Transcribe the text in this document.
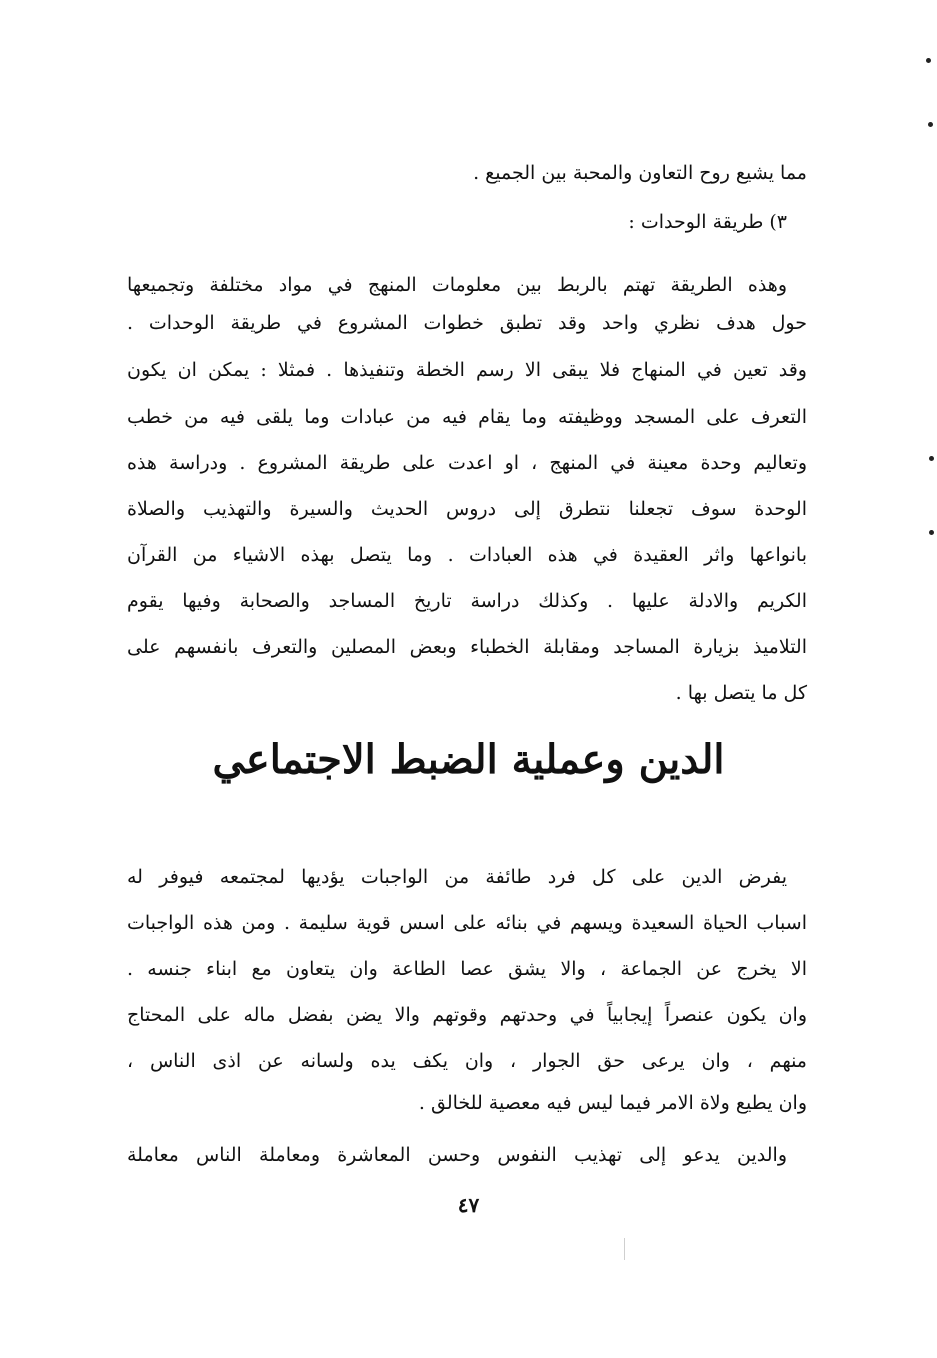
مما يشيع روح التعاون والمحبة بين الجميع .
٣) طريقة الوحدات :
وهذه الطريقة تهتم بالربط بين معلومات المنهج في مواد مختلفة وتجميعها
حول هدف نظري واحد وقد تطبق خطوات المشروع في طريقة الوحدات .
وقد تعين في المنهاج فلا يبقى الا رسم الخطة وتنفيذها . فمثلا : يمكن ان يكون
التعرف على المسجد ووظيفته وما يقام فيه من عبادات وما يلقى فيه من خطب
وتعاليم وحدة معينة في المنهج ، او اعدت على طريقة المشروع . ودراسة هذه
الوحدة سوف تجعلنا نتطرق إلى دروس الحديث والسيرة والتهذيب والصلاة
بانواعها واثر العقيدة في هذه العبادات . وما يتصل بهذه الاشياء من القرآن
الكريم والادلة عليها . وكذلك دراسة تاريخ المساجد والصحابة وفيها يقوم
التلاميذ بزيارة المساجد ومقابلة الخطباء وبعض المصلين والتعرف بانفسهم على
كل ما يتصل بها .
الدين وعملية الضبط الاجتماعي
يفرض الدين على كل فرد طائفة من الواجبات يؤديها لمجتمعه فيوفر له
اسباب الحياة السعيدة ويسهم في بنائه على اسس قوية سليمة . ومن هذه الواجبات
الا يخرج عن الجماعة ، والا يشق عصا الطاعة وان يتعاون مع ابناء جنسه .
وان يكون عنصراً إيجابياً في وحدتهم وقوتهم والا يضن بفضل ماله على المحتاج
منهم ، وان يرعى حق الجوار ، وان يكف يده ولسانه عن اذى الناس ،
وان يطيع ولاة الامر فيما ليس فيه معصية للخالق .
والدين يدعو إلى تهذيب النفوس وحسن المعاشرة ومعاملة الناس معاملة
٤٧
